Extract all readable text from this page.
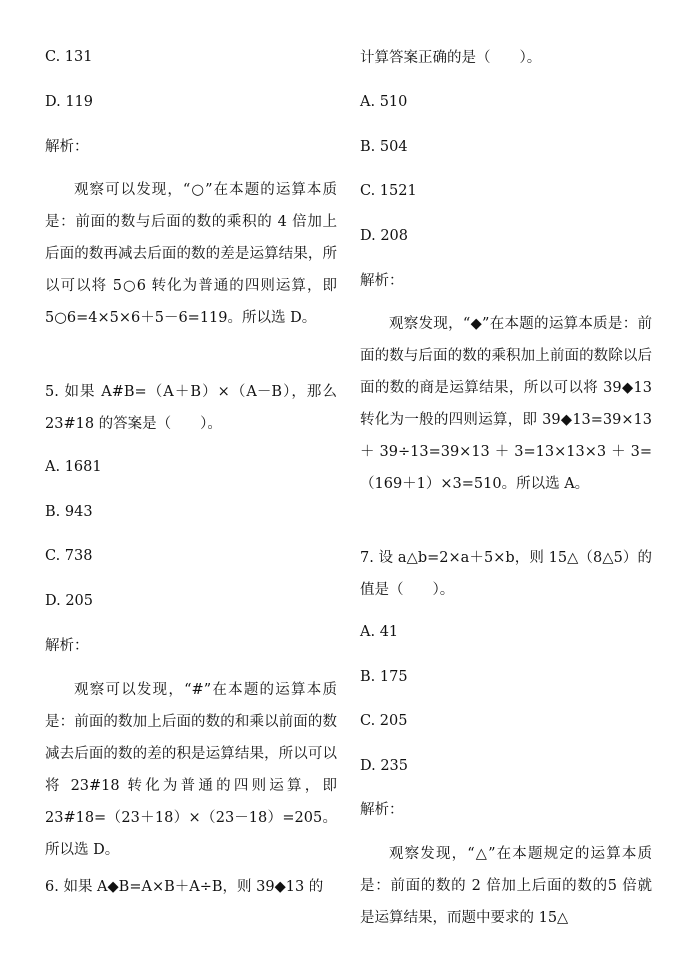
C. 131
D. 119
解析：
观察可以发现，“○”在本题的运算本质是：前面的数与后面的数的乘积的 4 倍加上后面的数再减去后面的数的差是运算结果，所以可以将 5○6 转化为普通的四则运算，即5○6=4×5×6＋5－6=119。所以选 D。
5. 如果 A#B=（A＋B）×（A－B），那么23#18 的答案是（　　）。
A. 1681
B. 943
C. 738
D. 205
解析：
观察可以发现，“#”在本题的运算本质是：前面的数加上后面的数的和乘以前面的数减去后面的数的差的积是运算结果，所以可以将 23#18 转化为普通的四则运算，即 23#18=（23＋18）×（23－18）=205。所以选 D。
6. 如果 A◆B=A×B＋A÷B，则 39◆13 的
计算答案正确的是（　　）。
A. 510
B. 504
C. 1521
D. 208
解析：
观察发现，“◆”在本题的运算本质是：前面的数与后面的数的乘积加上前面的数除以后面的数的商是运算结果，所以可以将 39◆13 转化为一般的四则运算，即 39◆13=39×13＋39÷13=39×13＋3=13×13×3＋3=（169＋1）×3=510。所以选 A。
7. 设 a△b=2×a＋5×b，则 15△（8△5）的值是（　　）。
A. 41
B. 175
C. 205
D. 235
解析：
观察发现，“△”在本题规定的运算本质是：前面的数的 2 倍加上后面的数的5 倍就是运算结果，而题中要求的 15△
